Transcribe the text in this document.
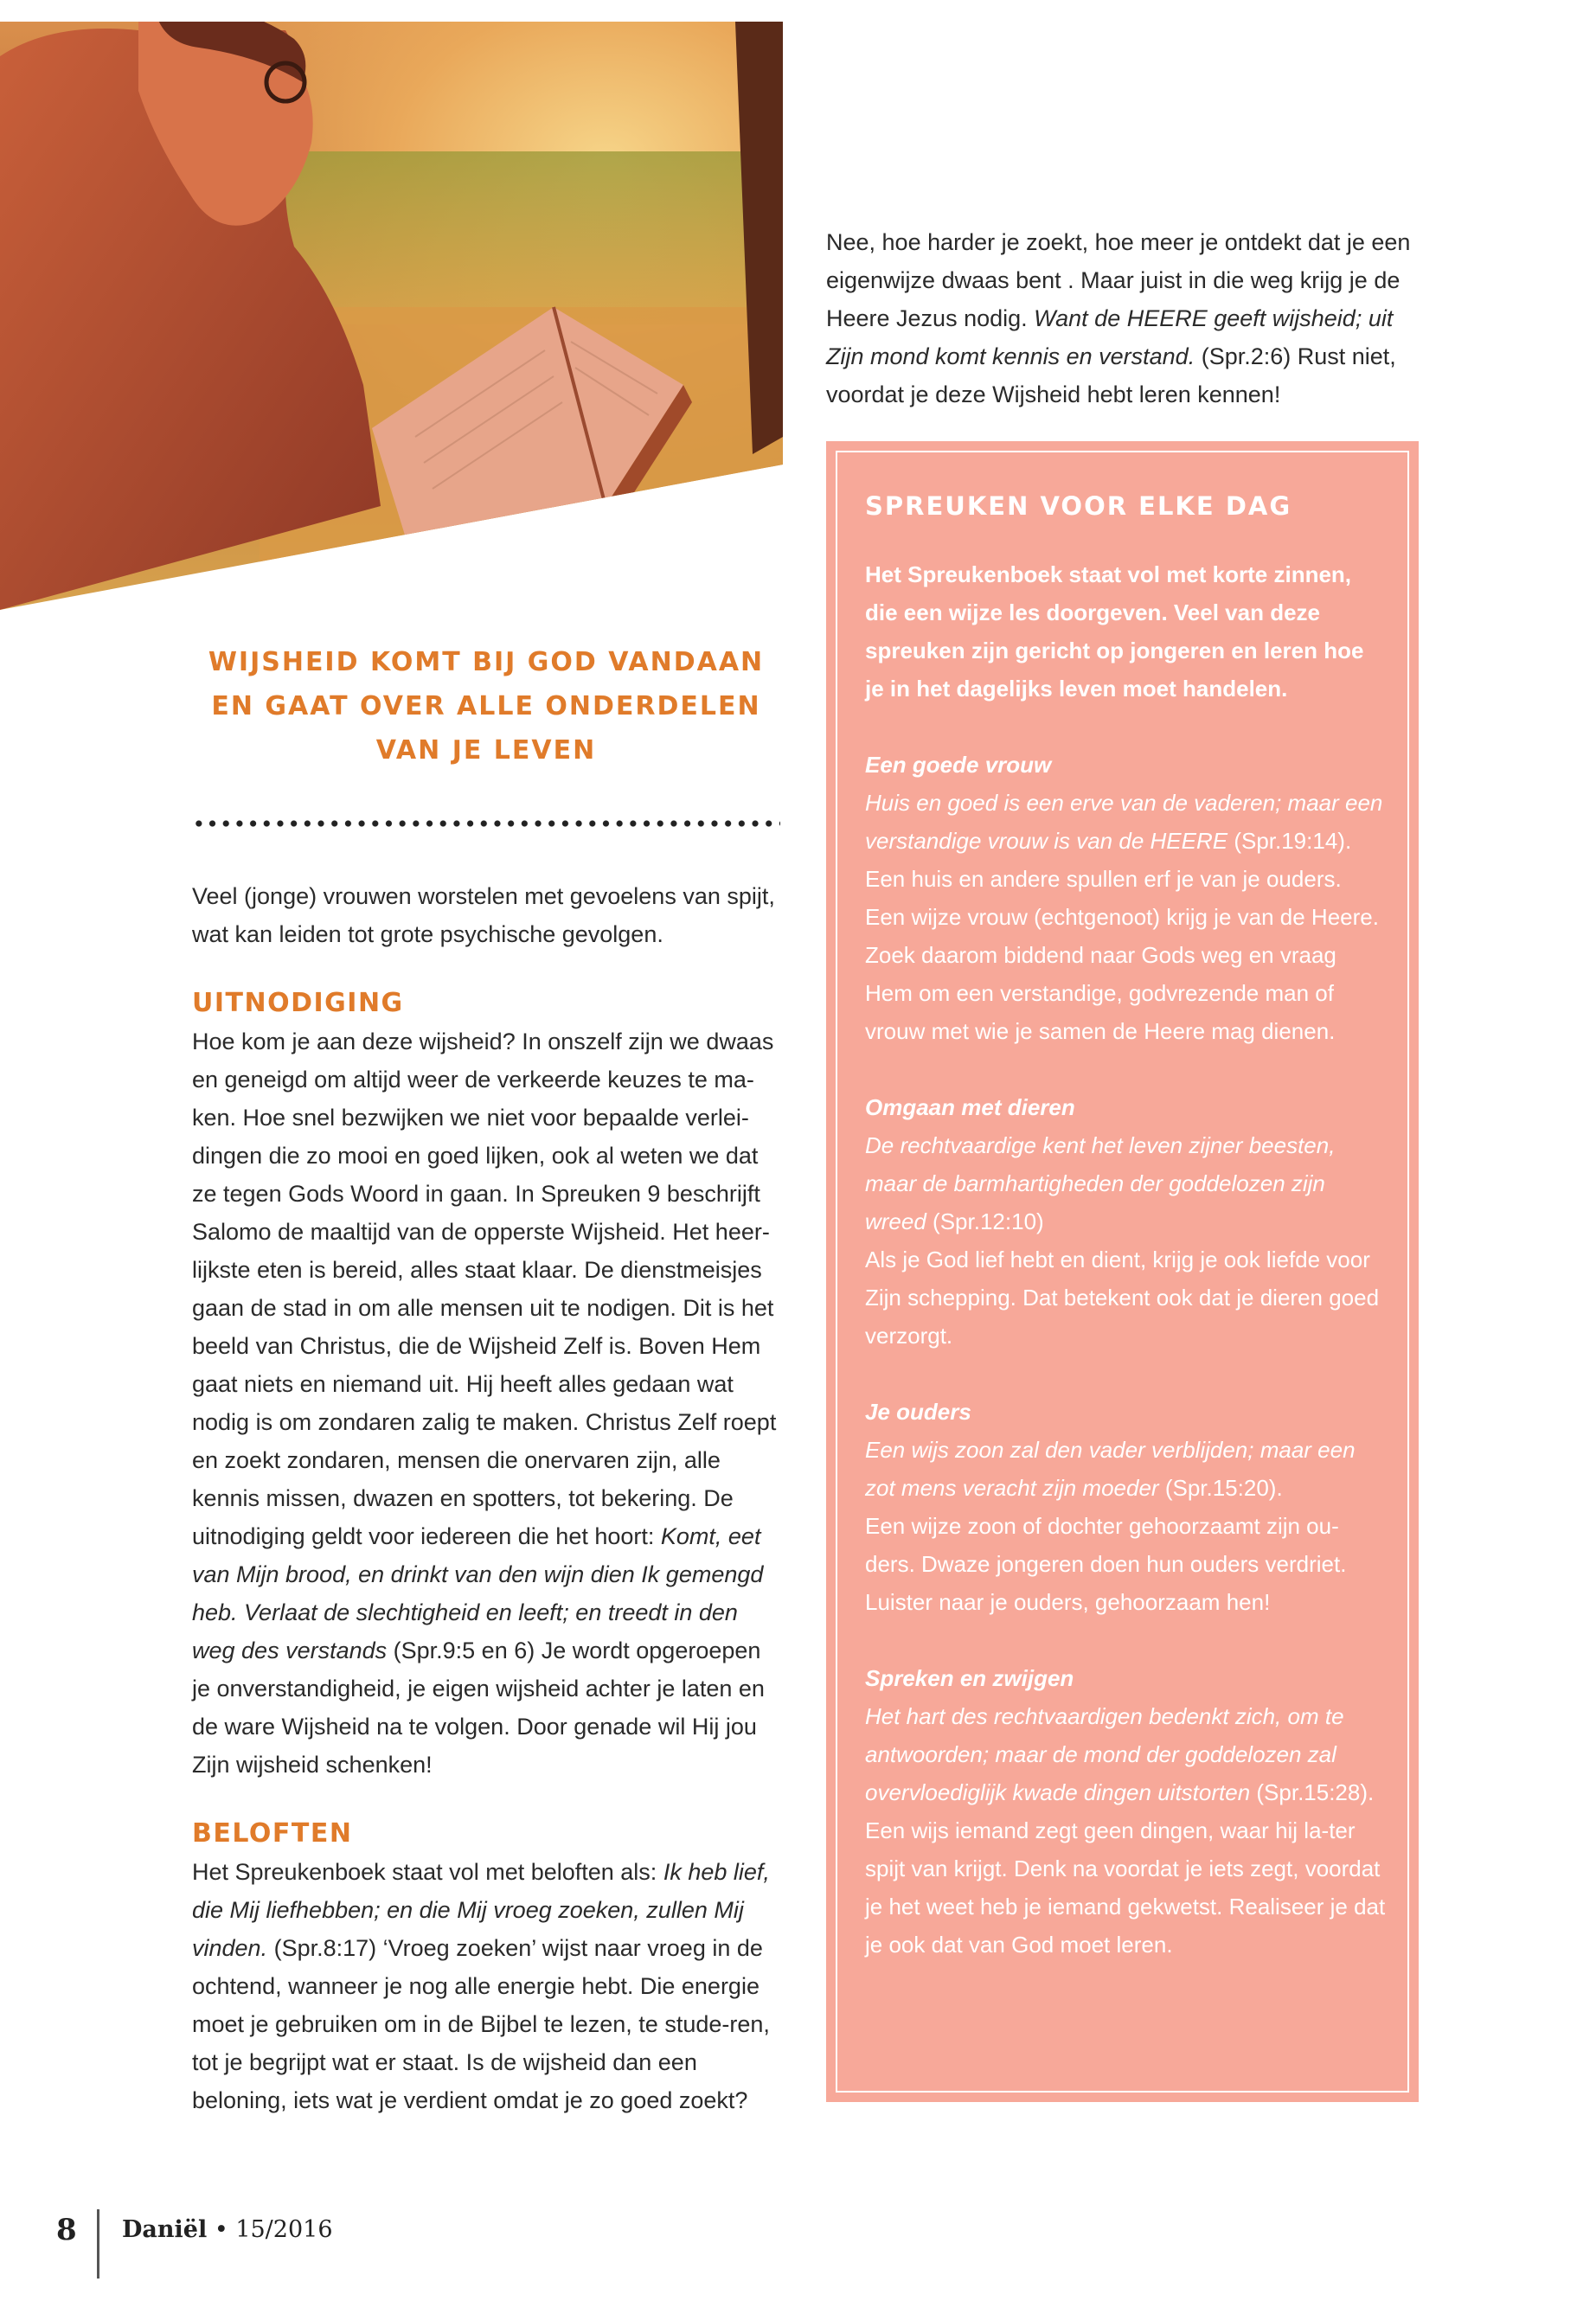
Nee, hoe harder je zoekt, hoe meer je ontdekt dat je een eigenwijze dwaas bent . Maar juist in die weg krijg je de Heere Jezus nodig. Want de HEERE geeft wijsheid; uit Zijn mond komt kennis en verstand. (Spr.2:6) Rust niet, voordat je deze Wijsheid hebt leren kennen!

WIJSHEID KOMT BIJ GOD VANDAAN EN GAAT OVER ALLE ONDERDELEN VAN JE LEVEN

Veel (jonge) vrouwen worstelen met gevoelens van spijt, wat kan leiden tot grote psychische gevolgen.

UITNODIGING

Hoe kom je aan deze wijsheid? In onszelf zijn we dwaas en geneigd om altijd weer de verkeerde keuzes te ma-ken. Hoe snel bezwijken we niet voor bepaalde verlei-dingen die zo mooi en goed lijken, ook al weten we dat ze tegen Gods Woord in gaan. In Spreuken 9 beschrijft Salomo de maaltijd van de opperste Wijsheid. Het heer-lijkste eten is bereid, alles staat klaar. De dienstmeisjes gaan de stad in om alle mensen uit te nodigen. Dit is het beeld van Christus, die de Wijsheid Zelf is. Boven Hem gaat niets en niemand uit. Hij heeft alles gedaan wat nodig is om zondaren zalig te maken. Christus Zelf roept en zoekt zondaren, mensen die onervaren zijn, alle kennis missen, dwazen en spotters, tot bekering. De uitnodiging geldt voor iedereen die het hoort: Komt, eet van Mijn brood, en drinkt van den wijn dien Ik gemengd heb. Verlaat de slechtigheid en leeft; en treedt in den weg des verstands (Spr.9:5 en 6) Je wordt opgeroepen je onverstandigheid, je eigen wijsheid achter je laten en de ware Wijsheid na te volgen. Door genade wil Hij jou Zijn wijsheid schenken!

BELOFTEN

Het Spreukenboek staat vol met beloften als: Ik heb lief, die Mij liefhebben; en die Mij vroeg zoeken, zullen Mij vinden. (Spr.8:17) ‘Vroeg zoeken’ wijst naar vroeg in de ochtend, wanneer je nog alle energie hebt. Die energie moet je gebruiken om in de Bijbel te lezen, te stude-ren, tot je begrijpt wat er staat. Is de wijsheid dan een beloning, iets wat je verdient omdat je zo goed zoekt?

SPREUKEN VOOR ELKE DAG

Het Spreukenboek staat vol met korte zinnen, die een wijze les doorgeven. Veel van deze spreuken zijn gericht op jongeren en leren hoe je in het dagelijks leven moet handelen.

Een goede vrouw
Huis en goed is een erve van de vaderen; maar een verstandige vrouw is van de HEERE (Spr.19:14).
Een huis en andere spullen erf je van je ouders. Een wijze vrouw (echtgenoot) krijg je van de Heere. Zoek daarom biddend naar Gods weg en vraag Hem om een verstandige, godvrezende man of vrouw met wie je samen de Heere mag dienen.

Omgaan met dieren
De rechtvaardige kent het leven zijner beesten, maar de barmhartigheden der goddelozen zijn wreed (Spr.12:10)
Als je God lief hebt en dient, krijg je ook liefde voor Zijn schepping. Dat betekent ook dat je dieren goed verzorgt.

Je ouders
Een wijs zoon zal den vader verblijden; maar een zot mens veracht zijn moeder (Spr.15:20).
Een wijze zoon of dochter gehoorzaamt zijn ou-ders. Dwaze jongeren doen hun ouders verdriet. Luister naar je ouders, gehoorzaam hen!

Spreken en zwijgen
Het hart des rechtvaardigen bedenkt zich, om te antwoorden; maar de mond der goddelozen zal overvloediglijk kwade dingen uitstorten (Spr.15:28).
Een wijs iemand zegt geen dingen, waar hij la-ter spijt van krijgt. Denk na voordat je iets zegt, voordat je het weet heb je iemand gekwetst. Realiseer je dat je ook dat van God moet leren.

8 Daniël • 15/2016
